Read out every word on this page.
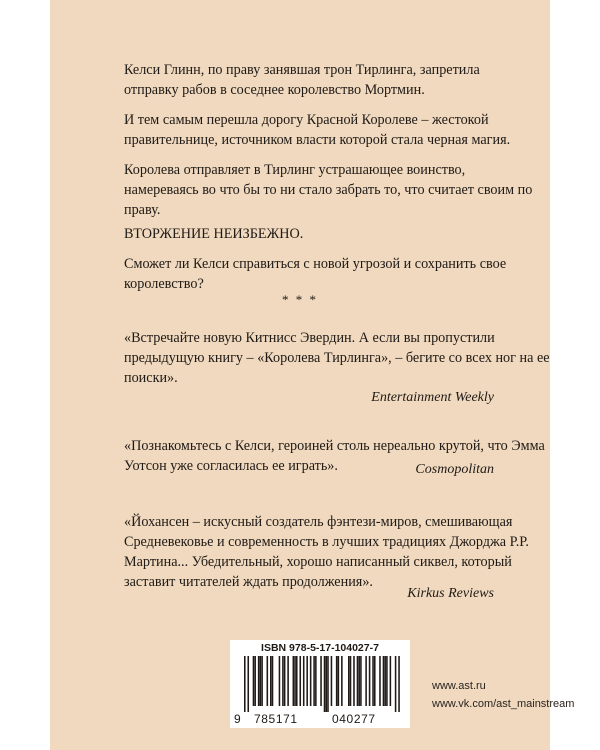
Келси Глинн, по праву занявшая трон Тирлинга, запретила отправку рабов в соседнее королевство Мортмин.

И тем самым перешла дорогу Красной Королеве – жестокой правительнице, источником власти которой стала черная магия.

Королева отправляет в Тирлинг устрашающее воинство, намереваясь во что бы то ни стало забрать то, что считает своим по праву.

ВТОРЖЕНИЕ НЕИЗБЕЖНО.

Сможет ли Келси справиться с новой угрозой и сохранить свое королевство?

* * *

«Встречайте новую Китнисс Эвердин. А если вы пропустили предыдущую книгу – «Королева Тирлинга», – бегите со всех ног на ее поиски».

Entertainment Weekly

«Познакомьтесь с Келси, героиней столь нереально крутой, что Эмма Уотсон уже согласилась ее играть».	Cosmopolitan

«Йохансен – искусный создатель фэнтези-миров, смешивающая Средневековье и современность в лучших традициях Джорджа Р.Р. Мартина... Убедительный, хорошо написанный сиквел, который заставит читателей ждать продолжения».

Kirkus Reviews
ISBN 978-5-17-104027-7
9 785171	040277
www.ast.ru
www.vk.com/ast_mainstream
